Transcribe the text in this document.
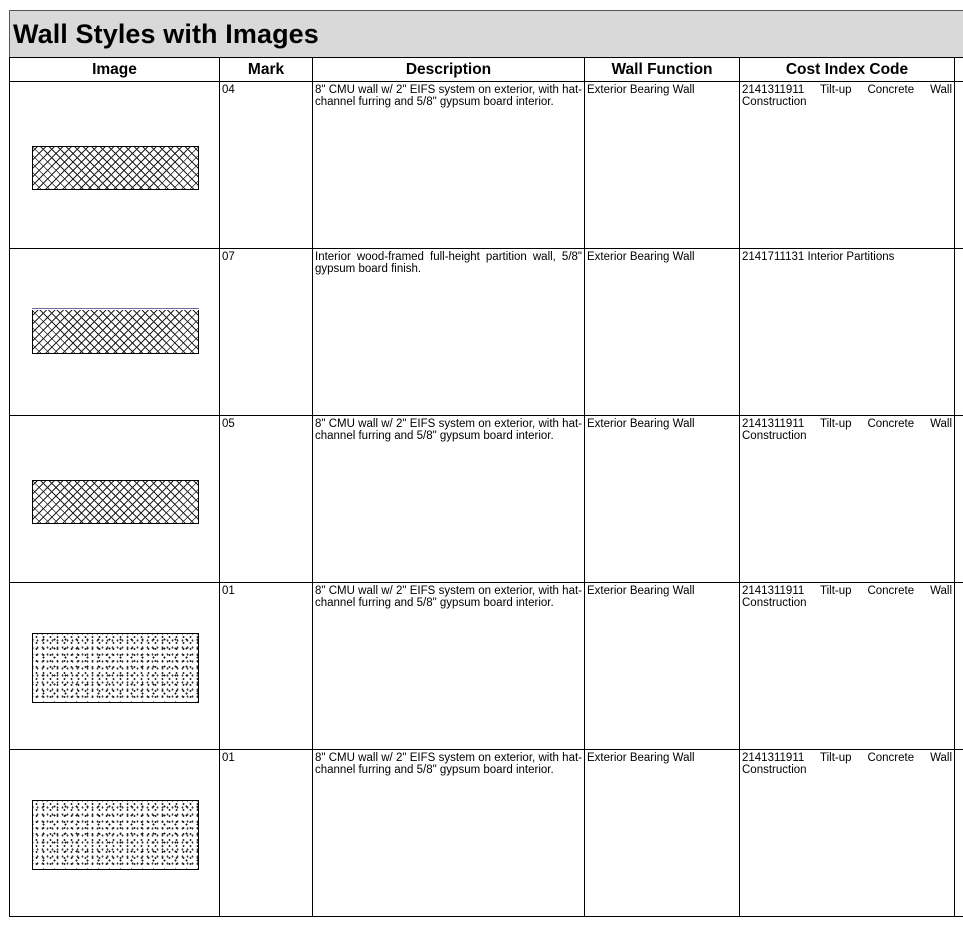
Wall Styles with Images
Image	Mark	Description	Wall Function	Cost Index Code	

	04	8" CMU wall w/ 2" EIFS system on exterior, with hat-channel furring and 5/8" gypsum board interior.	Exterior Bearing Wall	2141311911 Tilt-up Concrete Wall Construction	

	07	Interior wood-framed full-height partition wall, 5/8" gypsum board finish.	Exterior Bearing Wall	2141711131 Interior Partitions	

	05	8" CMU wall w/ 2" EIFS system on exterior, with hat-channel furring and 5/8" gypsum board interior.	Exterior Bearing Wall	2141311911 Tilt-up Concrete Wall Construction	

	01	8" CMU wall w/ 2" EIFS system on exterior, with hat-channel furring and 5/8" gypsum board interior.	Exterior Bearing Wall	2141311911 Tilt-up Concrete Wall Construction	

	01	8" CMU wall w/ 2" EIFS system on exterior, with hat-channel furring and 5/8" gypsum board interior.	Exterior Bearing Wall	2141311911 Tilt-up Concrete Wall Construction	
